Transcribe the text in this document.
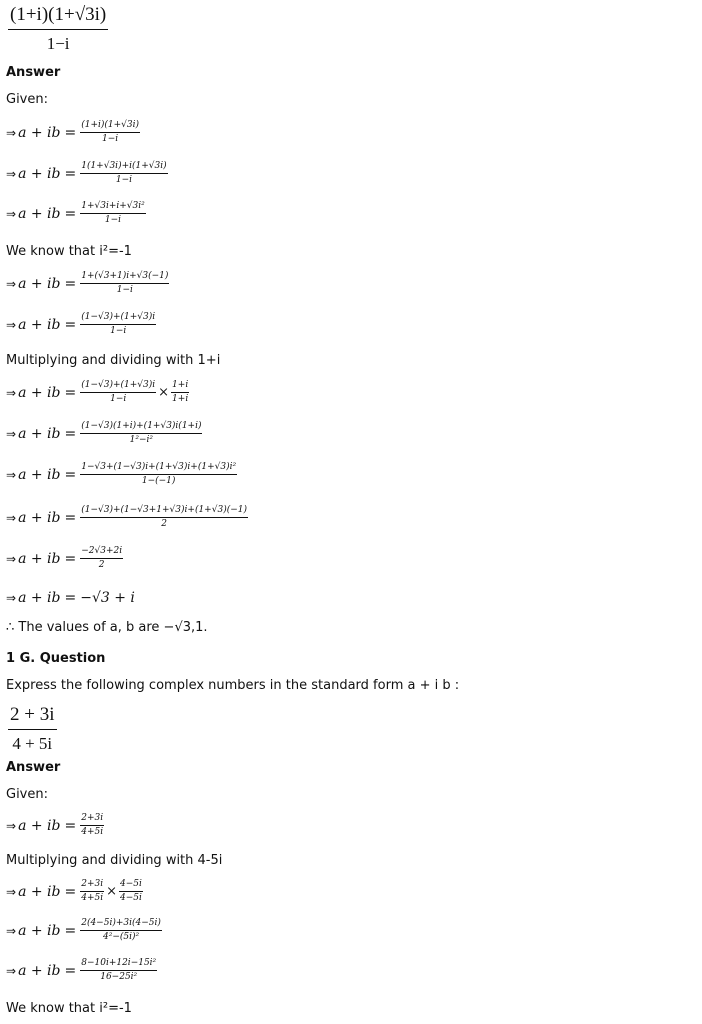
$\frac{(1+i)(1+√3i)}{1-i}$
Answer
Given:
⇒ a + ib = $\frac{(1+i)(1+√3i)}{1-i}$
⇒ a + ib = $\frac{1(1+√3i)+i(1+√3i)}{1-i}$
⇒ a + ib = $\frac{\text{1+√3i+i+√3i²}}{1-i}$
We know that i²=-1
⇒ a + ib = $\frac{1+(√3+1)i+√3(-1)}{1-i}$
⇒ a + ib = $\frac{(1-√3)+(1+√3)i}{1-i}$
Multiplying and dividing with 1+i
⇒ a + ib = $\frac{(1-√3)+(1+√3)i}{1-i} \times \frac{1+i}{1+i}$
⇒ a + ib = $\frac{(1-√3)(1+i)+(1+√3)i(1+i)}{\text{1²−i²}}$
⇒ a + ib = $\frac{\text{1−√3+(1−√3)i+(1+√3)i+(1+√3)i²}}{1-(-1)}$
⇒ a + ib = $\frac{(1-√3)+(1-√3+1+√3)i+(1+√3)(-1)}{2}$
⇒ a + ib = $\frac{-2√3+2i}{2}$
⇒ a + ib = −√3 + i
∴ The values of a, b are −√3,1.
1 G. Question
Express the following complex numbers in the standard form a + i b :
$\frac{2 + 3i}{4 + 5i}$
Answer
Given:
⇒ a + ib = $\frac{2+3i}{4+5i}$
Multiplying and dividing with 4-5i
⇒ a + ib = $\frac{2+3i}{4+5i} \times \frac{4-5i}{4-5i}$
⇒ a + ib = $\frac{2(4-5i)+3i(4-5i)}{\text{4²−(5i)²}}$
⇒ a + ib = $\frac{\text{8−10i+12i−15i²}}{\text{16−25i²}}$
We know that i²=-1
